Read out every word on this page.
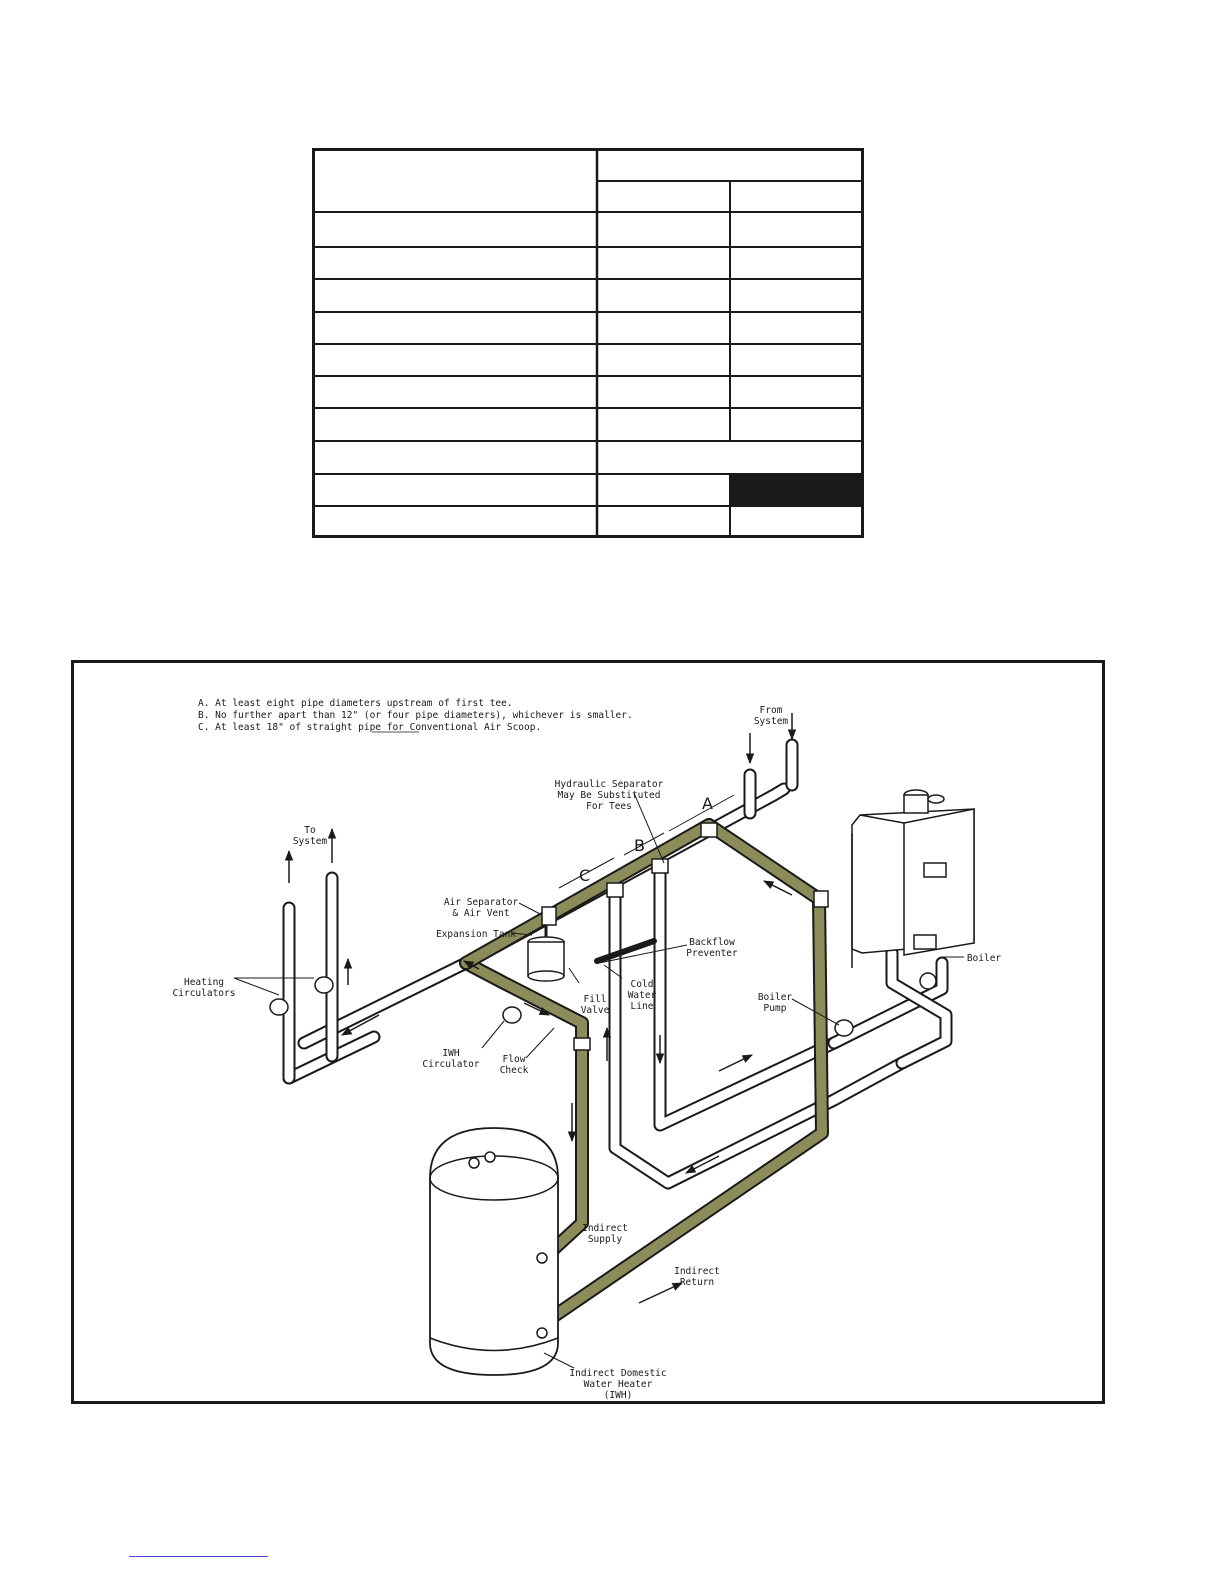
A. At least eight pipe diameters upstream of first tee.
B. No further apart than 12" (or four pipe diameters), whichever is smaller.
C. At least 18" of straight pipe for Conventional Air Scoop.
A
B
C
To
System
From
System
Hydraulic Separator
May Be Substituted
For Tees
Air Separator
& Air Vent
Expansion Tank
Heating
Circulators
Backflow
Preventer
Cold
Water
Line
Fill
Valve
IWH
Circulator Flow
Check
Boiler
Boiler
Pump
Indirect
Supply
Indirect
Return
Indirect Domestic
Water Heater
(IWH)
